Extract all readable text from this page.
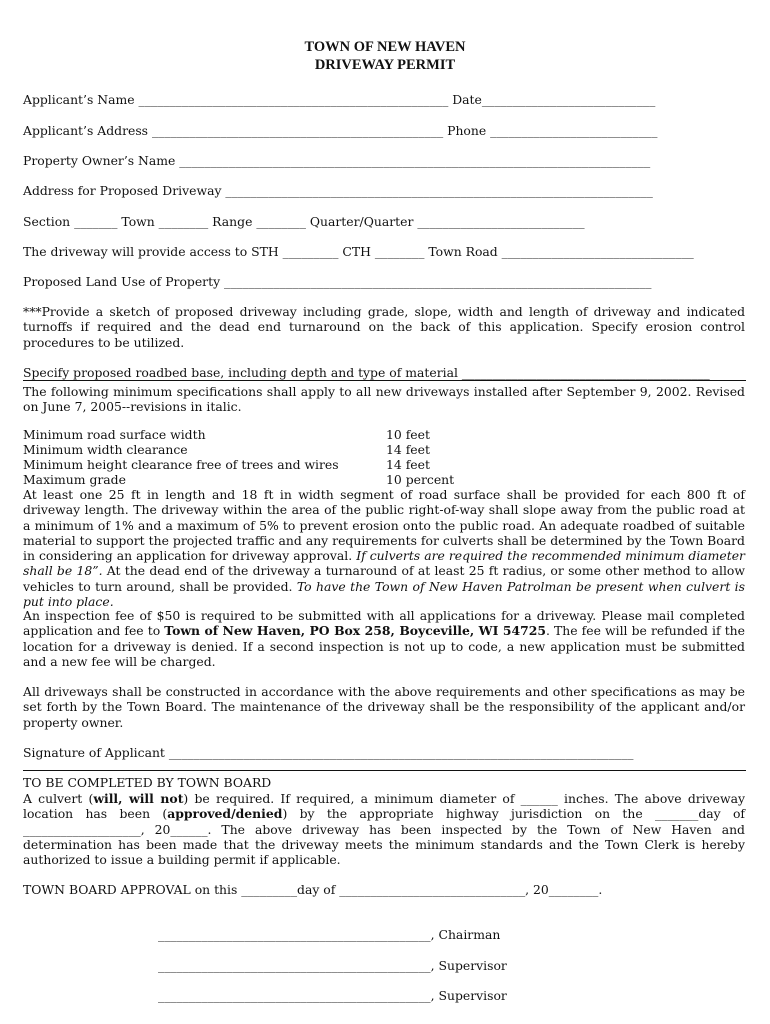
TOWN OF NEW HAVEN
DRIVEWAY PERMIT
Applicant’s Name __________________________________________________ Date____________________________
Applicant’s Address _______________________________________________ Phone ___________________________
Property Owner’s Name ____________________________________________________________________________
Address for Proposed Driveway _____________________________________________________________________
Section _______ Town ________ Range ________ Quarter/Quarter ___________________________
The driveway will provide access to STH _________ CTH ________ Town Road _______________________________
Proposed Land Use of Property _____________________________________________________________________
***Provide a sketch of proposed driveway including grade, slope, width and length of driveway and indicated turnoffs if required and the dead end turnaround on the back of this application. Specify erosion control procedures to be utilized.
Specify proposed roadbed base, including depth and type of material ________________________________________
The following minimum specifications shall apply to all new driveways installed after September 9, 2002. Revised on June 7, 2005--revisions in italic.
Minimum road surface width	10 feet
Minimum width clearance	14 feet
Minimum height clearance free of trees and wires	14 feet
Maximum grade	10 percent
At least one 25 ft in length and 18 ft in width segment of road surface shall be provided for each 800 ft of driveway length. The driveway within the area of the public right-of-way shall slope away from the public road at a minimum of 1% and a maximum of 5% to prevent erosion onto the public road. An adequate roadbed of suitable material to support the projected traffic and any requirements for culverts shall be determined by the Town Board in considering an application for driveway approval. If culverts are required the recommended minimum diameter shall be 18”. At the dead end of the driveway a turnaround of at least 25 ft radius, or some other method to allow vehicles to turn around, shall be provided. To have the Town of New Haven Patrolman be present when culvert is put into place.
An inspection fee of $50 is required to be submitted with all applications for a driveway. Please mail completed application and fee to Town of New Haven, PO Box 258, Boyceville, WI 54725. The fee will be refunded if the location for a driveway is denied. If a second inspection is not up to code, a new application must be submitted and a new fee will be charged.
All driveways shall be constructed in accordance with the above requirements and other specifications as may be set forth by the Town Board. The maintenance of the driveway shall be the responsibility of the applicant and/or property owner.
Signature of Applicant ___________________________________________________________________________
TO BE COMPLETED BY TOWN BOARD
A culvert (will, will not) be required. If required, a minimum diameter of ______ inches. The above driveway location has been (approved/denied) by the appropriate highway jurisdiction on the _______day of ___________________, 20______. The above driveway has been inspected by the Town of New Haven and determination has been made that the driveway meets the minimum standards and the Town Clerk is hereby authorized to issue a building permit if applicable.
TOWN BOARD APPROVAL on this _________day of ______________________________, 20________.
____________________________________________, Chairman
____________________________________________, Supervisor
____________________________________________, Supervisor
